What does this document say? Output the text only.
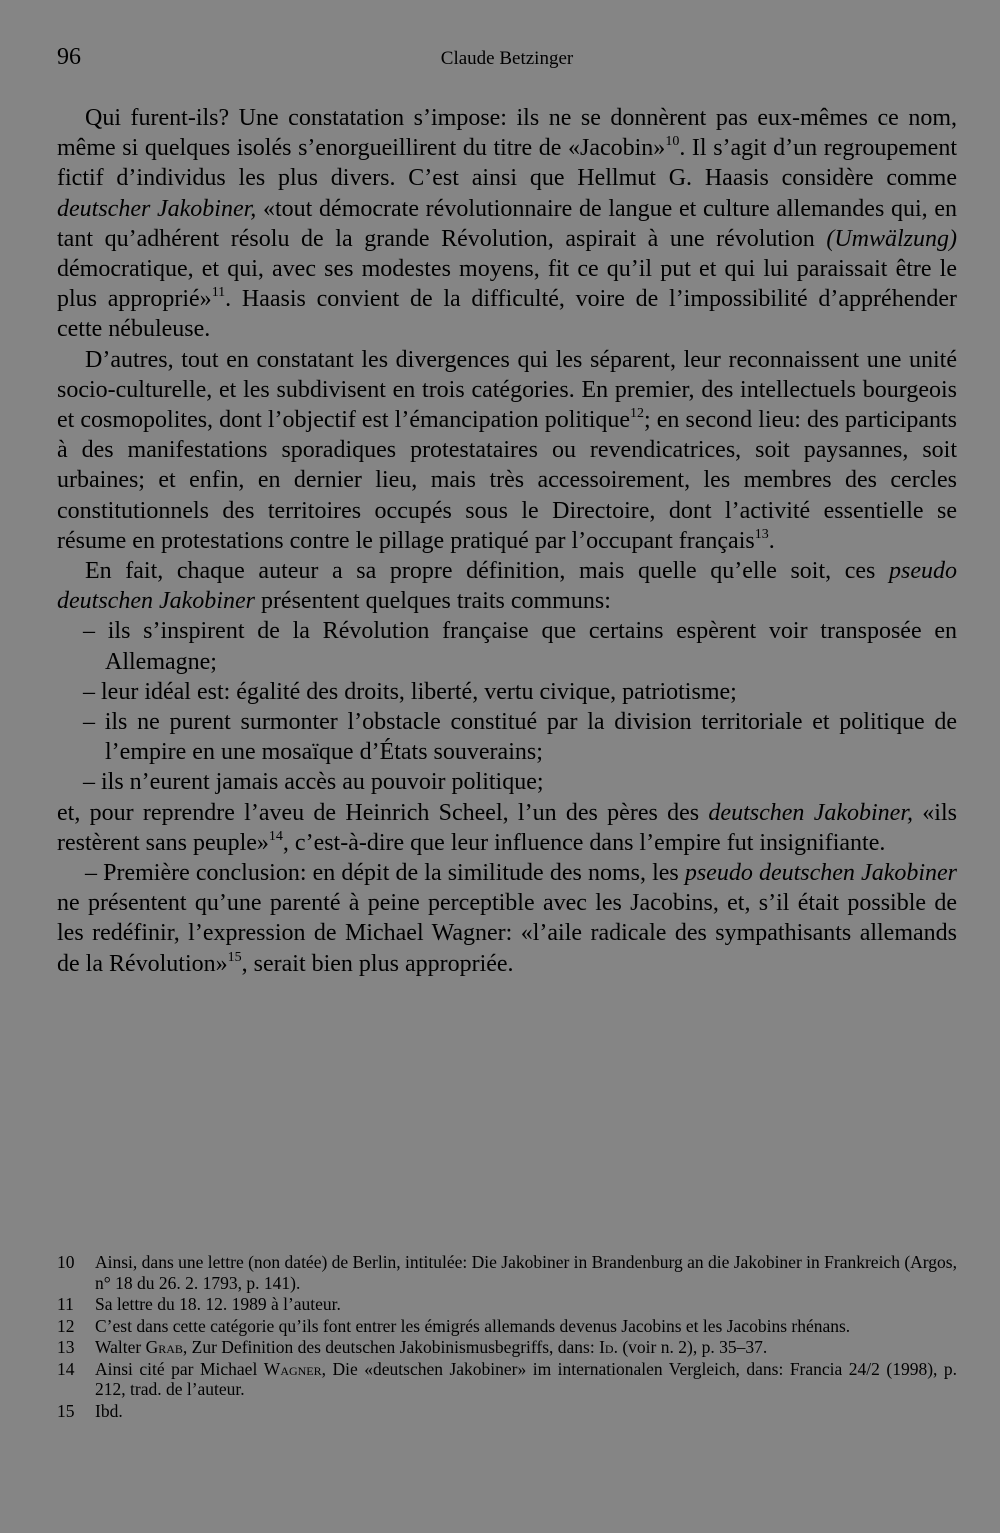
96	Claude Betzinger

Qui furent-ils? Une constatation s’impose: ils ne se donnèrent pas eux-mêmes ce nom, même si quelques isolés s’enorgueillirent du titre de «Jacobin»$^{10}$. Il s’agit d’un regroupement fictif d’individus les plus divers. C’est ainsi que Hellmut G. Haasis considère comme deutscher Jakobiner, «tout démocrate révolutionnaire de langue et culture allemandes qui, en tant qu’adhérent résolu de la grande Révolution, aspirait à une révolution (Umwälzung) démocratique, et qui, avec ses modestes moyens, fit ce qu’il put et qui lui paraissait être le plus approprié»$^{11}$. Haasis convient de la difficulté, voire de l’impossibilité d’appréhender cette nébuleuse.

D’autres, tout en constatant les divergences qui les séparent, leur reconnaissent une unité socio-culturelle, et les subdivisent en trois catégories. En premier, des intellectuels bourgeois et cosmopolites, dont l’objectif est l’émancipation politique$^{12}$; en second lieu: des participants à des manifestations sporadiques protestataires ou revendicatrices, soit paysannes, soit urbaines; et enfin, en dernier lieu, mais très accessoirement, les membres des cercles constitutionnels des territoires occupés sous le Directoire, dont l’activité essentielle se résume en protestations contre le pillage pratiqué par l’occupant français$^{13}$.

En fait, chaque auteur a sa propre définition, mais quelle qu’elle soit, ces pseudo deutschen Jakobiner présentent quelques traits communs:

– ils s’inspirent de la Révolution française que certains espèrent voir transposée en Allemagne;

– leur idéal est: égalité des droits, liberté, vertu civique, patriotisme;

– ils ne purent surmonter l’obstacle constitué par la division territoriale et politique de l’empire en une mosaïque d’États souverains;

– ils n’eurent jamais accès au pouvoir politique;

et, pour reprendre l’aveu de Heinrich Scheel, l’un des pères des deutschen Jakobiner, «ils restèrent sans peuple»$^{14}$, c’est-à-dire que leur influence dans l’empire fut insignifiante.

– Première conclusion: en dépit de la similitude des noms, les pseudo deutschen Jakobiner ne présentent qu’une parenté à peine perceptible avec les Jacobins, et, s’il était possible de les redéfinir, l’expression de Michael Wagner: «l’aile radicale des sympathisants allemands de la Révolution»$^{15}$, serait bien plus appropriée.

10	Ainsi, dans une lettre (non datée) de Berlin, intitulée: Die Jakobiner in Brandenburg an die Jakobiner in Frankreich (Argos, n° 18 du 26. 2. 1793, p. 141).
11	Sa lettre du 18. 12. 1989 à l’auteur.
12	C’est dans cette catégorie qu’ils font entrer les émigrés allemands devenus Jacobins et les Jacobins rhénans.
13	Walter Grab, Zur Definition des deutschen Jakobinismusbegriffs, dans: Id. (voir n. 2), p. 35–37.
14	Ainsi cité par Michael Wagner, Die «deutschen Jakobiner» im internationalen Vergleich, dans: Francia 24/2 (1998), p. 212, trad. de l’auteur.
15	Ibd.
